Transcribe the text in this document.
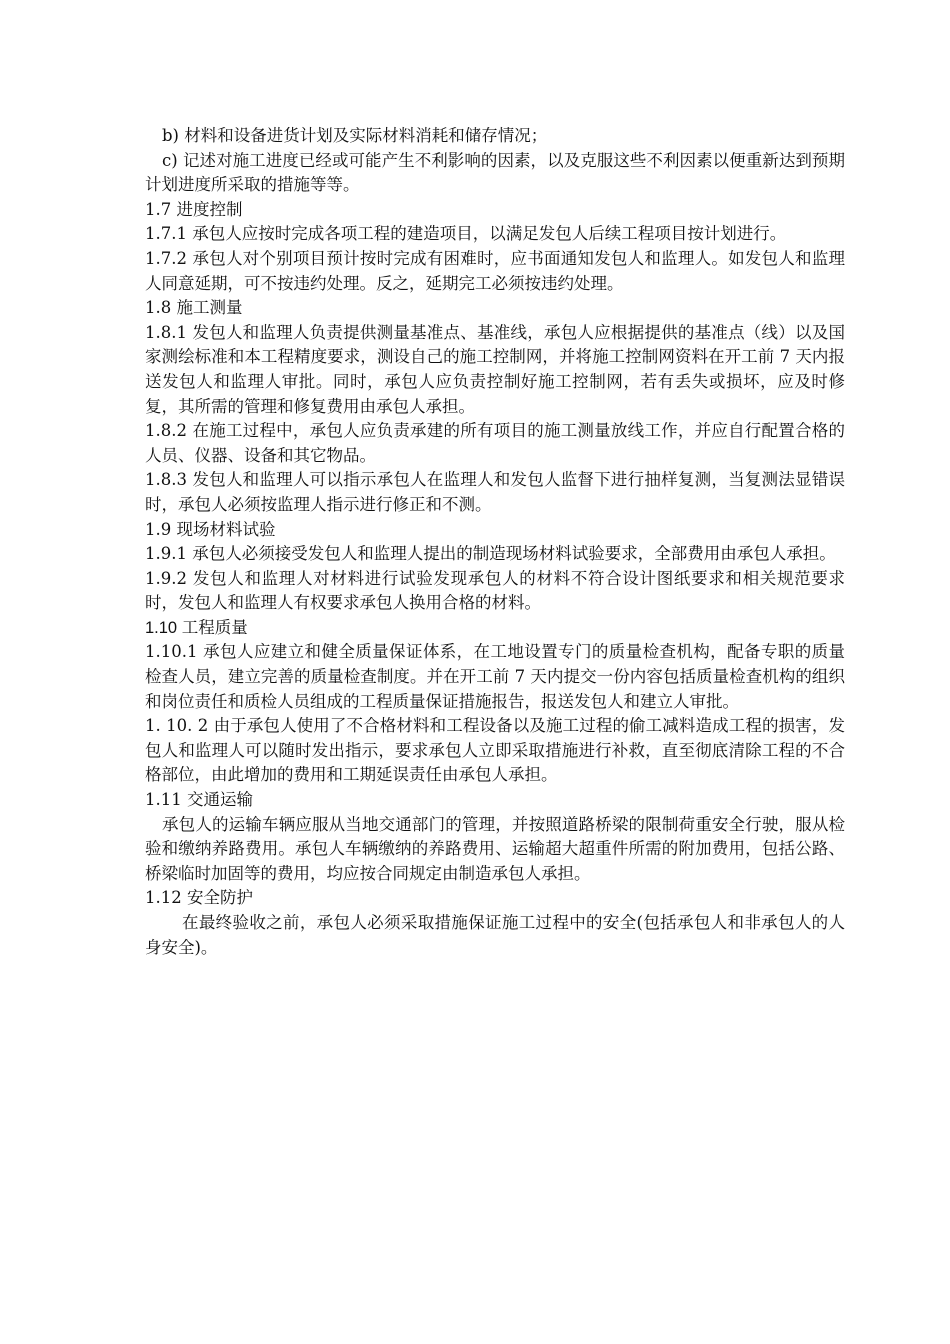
b) 材料和设备进货计划及实际材料消耗和储存情况；

c) 记述对施工进度已经或可能产生不利影响的因素，以及克服这些不利因素以便重新达到预期计划进度所采取的措施等等。

1.7 进度控制

1.7.1 承包人应按时完成各项工程的建造项目，以满足发包人后续工程项目按计划进行。

1.7.2 承包人对个别项目预计按时完成有困难时，应书面通知发包人和监理人。如发包人和监理人同意延期，可不按违约处理。反之，延期完工必须按违约处理。

1.8 施工测量

1.8.1 发包人和监理人负责提供测量基准点、基准线，承包人应根据提供的基准点（线）以及国家测绘标准和本工程精度要求，测设自己的施工控制网，并将施工控制网资料在开工前 7 天内报送发包人和监理人审批。同时，承包人应负责控制好施工控制网，若有丢失或损坏，应及时修复，其所需的管理和修复费用由承包人承担。

1.8.2 在施工过程中，承包人应负责承建的所有项目的施工测量放线工作，并应自行配置合格的人员、仪器、设备和其它物品。

1.8.3 发包人和监理人可以指示承包人在监理人和发包人监督下进行抽样复测，当复测法显错误时，承包人必须按监理人指示进行修正和不测。

1.9 现场材料试验

1.9.1 承包人必须接受发包人和监理人提出的制造现场材料试验要求，全部费用由承包人承担。

1.9.2 发包人和监理人对材料进行试验发现承包人的材料不符合设计图纸要求和相关规范要求时，发包人和监理人有权要求承包人换用合格的材料。

1.10 工程质量

1.10.1 承包人应建立和健全质量保证体系，在工地设置专门的质量检查机构，配备专职的质量检查人员，建立完善的质量检查制度。并在开工前 7 天内提交一份内容包括质量检查机构的组织和岗位责任和质检人员组成的工程质量保证措施报告，报送发包人和建立人审批。

1. 10. 2 由于承包人使用了不合格材料和工程设备以及施工过程的偷工减料造成工程的损害，发包人和监理人可以随时发出指示，要求承包人立即采取措施进行补救，直至彻底清除工程的不合格部位，由此增加的费用和工期延误责任由承包人承担。

1.11 交通运输

承包人的运输车辆应服从当地交通部门的管理，并按照道路桥梁的限制荷重安全行驶，服从检验和缴纳养路费用。承包人车辆缴纳的养路费用、运输超大超重件所需的附加费用，包括公路、桥梁临时加固等的费用，均应按合同规定由制造承包人承担。

1.12 安全防护

在最终验收之前，承包人必须采取措施保证施工过程中的安全(包括承包人和非承包人的人身安全)。
